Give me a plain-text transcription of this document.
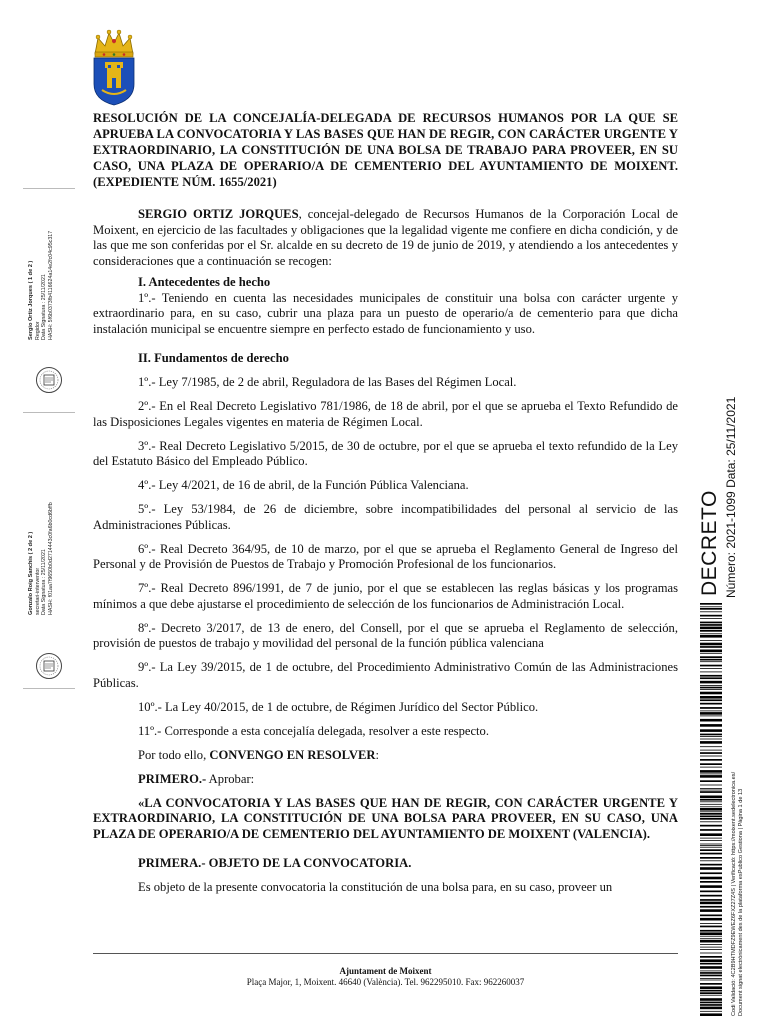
RESOLUCIÓN DE LA CONCEJALÍA-DELEGADA DE RECURSOS HUMANOS POR LA QUE SE APRUEBA LA CONVOCATORIA Y LAS BASES QUE HAN DE REGIR, CON CARÁCTER URGENTE Y EXTRAORDINARIO, LA CONSTITUCIÓN DE UNA BOLSA DE TRABAJO PARA PROVEER, EN SU CASO, UNA PLAZA DE OPERARIO/A DE CEMENTERIO DEL AYUNTAMIENTO DE MOIXENT. (EXPEDIENTE NÚM. 1655/2021)

SERGIO ORTIZ JORQUES, concejal-delegado de Recursos Humanos de la Corporación Local de Moixent, en ejercicio de las facultades y obligaciones que la legalidad vigente me confiere en dicha condición, y de las que me son conferidas por el Sr. alcalde en su decreto de 19 de junio de 2019, y atendiendo a los antecedentes y consideraciones que a continuación se recogen:

I. Antecedentes de hecho

1º.- Teniendo en cuenta las necesidades municipales de constituir una bolsa con carácter urgente y extraordinario para, en su caso, cubrir una plaza para un puesto de operario/a de cementerio para que dicha instalación municipal se encuentre siempre en perfecto estado de funcionamiento y uso.

II. Fundamentos de derecho

1º.- Ley 7/1985, de 2 de abril, Reguladora de las Bases del Régimen Local.

2º.- En el Real Decreto Legislativo 781/1986, de 18 de abril, por el que se aprueba el Texto Refundido de las Disposiciones Legales vigentes en materia de Régimen Local.

3º.- Real Decreto Legislativo 5/2015, de 30 de octubre, por el que se aprueba el texto refundido de la Ley del Estatuto Básico del Empleado Público.

4º.- Ley 4/2021, de 16 de abril, de la Función Pública Valenciana.

5º.- Ley 53/1984, de 26 de diciembre, sobre incompatibilidades del personal al servicio de las Administraciones Públicas.

6º.- Real Decreto 364/95, de 10 de marzo, por el que se aprueba el Reglamento General de Ingreso del Personal y de Provisión de Puestos de Trabajo y Promoción Profesional de los funcionarios.

7º.- Real Decreto 896/1991, de 7 de junio, por el que se establecen las reglas básicas y los programas mínimos a que debe ajustarse el procedimiento de selección de los funcionarios de Administración Local.

8º.- Decreto 3/2017, de 13 de enero, del Consell, por el que se aprueba el Reglamento de selección, provisión de puestos de trabajo y movilidad del personal de la función pública valenciana

9º.- La Ley 39/2015, de 1 de octubre, del Procedimiento Administrativo Común de las Administraciones Públicas.

10º.- La Ley 40/2015, de 1 de octubre, de Régimen Jurídico del Sector Público.

11º.- Corresponde a esta concejalía delegada, resolver a este respecto.

Por todo ello, CONVENGO EN RESOLVER:

PRIMERO.- Aprobar:

«LA CONVOCATORIA Y LAS BASES QUE HAN DE REGIR, CON CARÁCTER URGENTE Y EXTRAORDINARIO, LA CONSTITUCIÓN DE UNA BOLSA PARA PROVEER, EN SU CASO, UNA PLAZA DE OPERARIO/A DE CEMENTERIO DEL AYUNTAMIENTO DE MOIXENT (VALENCIA).

PRIMERA.- OBJETO DE LA CONVOCATORIA.

Es objeto de la presente convocatoria la constitución de una bolsa para, en su caso, proveer un

Ajuntament de Moixent
Plaça Major, 1, Moixent. 46640 (València). Tel. 962295010. Fax: 962260037
Sergio Ortiz Jorques ( 1 de 2 ) Regidor Data Signatura : 25/11/2021 HASH: 5f6b0373fb4116624a14e2fc04c95c317
Gonzalo Roig Sanchis ( 2 de 2 ) secretari-interventor Data Signatura : 25/11/2021 HASH: f01aa7f9650b0d2714443c0fa6b0cd6bffb	DECRETO Número: 2021-1099 Data: 25/11/2021
Codi Validació: 4C2B9HTMDFZ9EWEZ6FXZ27Z4S | Verificació: https://moixent.sedelectronica.es/ Document signat electrònicament des de la plataforma esPublico Gestiona | Pàgina 1 de 13
